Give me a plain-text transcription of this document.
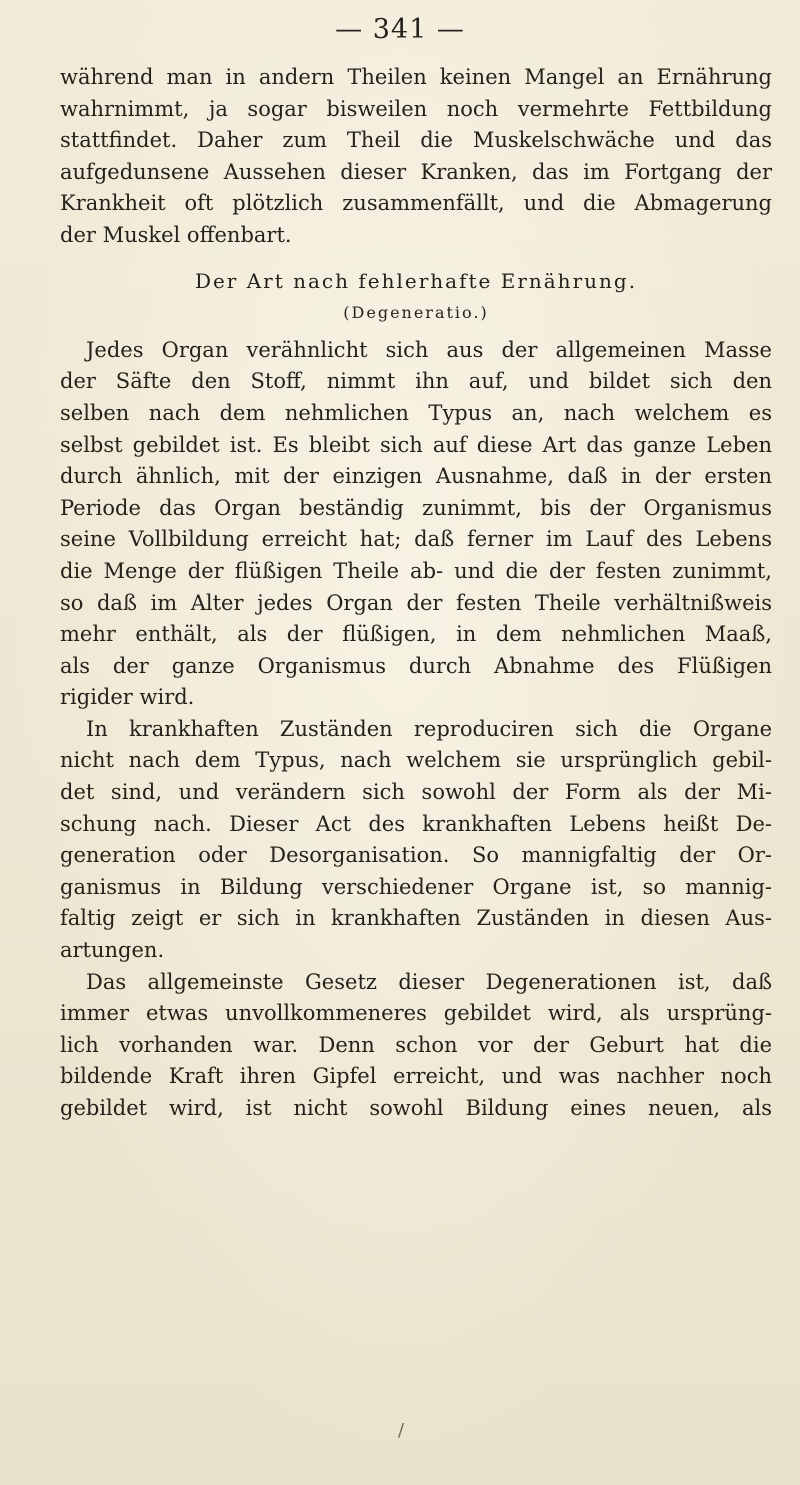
— 341 —
während man in andern Theilen keinen Mangel an Ernährung
wahrnimmt, ja sogar bisweilen noch vermehrte Fettbildung
stattfindet. Daher zum Theil die Muskelschwäche und das
aufgedunsene Aussehen dieser Kranken, das im Fortgang der
Krankheit oft plötzlich zusammenfällt, und die Abmagerung
der Muskel offenbart.
Der Art nach fehlerhafte Ernährung.
(Degeneratio.)
Jedes Organ verähnlicht sich aus der allgemeinen Masse
der Säfte den Stoff, nimmt ihn auf, und bildet sich den
selben nach dem nehmlichen Typus an, nach welchem es
selbst gebildet ist. Es bleibt sich auf diese Art das ganze Leben
durch ähnlich, mit der einzigen Ausnahme, daß in der ersten
Periode das Organ beständig zunimmt, bis der Organismus
seine Vollbildung erreicht hat; daß ferner im Lauf des Lebens
die Menge der flüßigen Theile ab- und die der festen zunimmt,
so daß im Alter jedes Organ der festen Theile verhältnißweis
mehr enthält, als der flüßigen, in dem nehmlichen Maaß,
als der ganze Organismus durch Abnahme des Flüßigen
rigider wird.
In krankhaften Zuständen reproduciren sich die Organe
nicht nach dem Typus, nach welchem sie ursprünglich gebil-
det sind, und verändern sich sowohl der Form als der Mi-
schung nach. Dieser Act des krankhaften Lebens heißt De-
generation oder Desorganisation. So mannigfaltig der Or-
ganismus in Bildung verschiedener Organe ist, so mannig-
faltig zeigt er sich in krankhaften Zuständen in diesen Aus-
artungen.
Das allgemeinste Gesetz dieser Degenerationen ist, daß
immer etwas unvollkommeneres gebildet wird, als ursprüng-
lich vorhanden war. Denn schon vor der Geburt hat die
bildende Kraft ihren Gipfel erreicht, und was nachher noch
gebildet wird, ist nicht sowohl Bildung eines neuen, als
/
